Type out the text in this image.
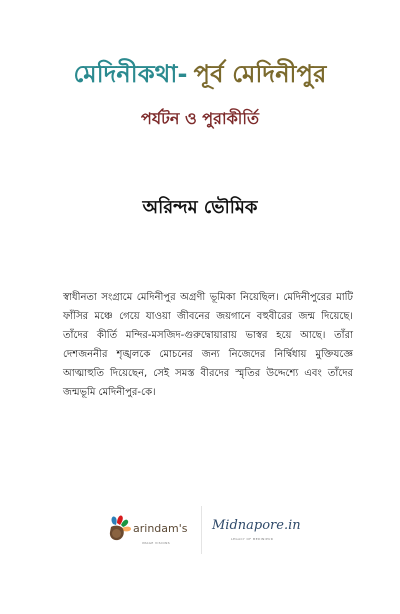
মেদিনীকথা- পূর্ব মেদিনীপুর
পর্যটন ও পুরাকীর্তি
অরিন্দম ভৌমিক
স্বাধীনতা সংগ্রামে মেদিনীপুর অগ্রণী ভূমিকা নিয়েছিল। মেদিনীপুরের মাটি ফাঁসির মঞ্চে গেয়ে যাওয়া জীবনের জয়গানে বহুবীরের জন্ম দিয়েছে। তাঁদের কীর্তি মন্দির-মসজিদ-গুরুদ্বোয়ারায় ভাস্বর হয়ে আছে। তাঁরা দেশজননীর শৃঙ্খলকে মোচনের জন্য নিজেদের নির্দ্বিধায় মুক্তিযজ্ঞে আত্মাহুতি দিয়েছেন, সেই সমস্ত বীরদের স্মৃতির উদ্দেশ্যে এবং তাঁদের জন্মভূমি মেদিনীপুর-কে।
arindam's
IMAGE VISIONS
Midnapore.in
LEGACY OF MEDINIPUR
